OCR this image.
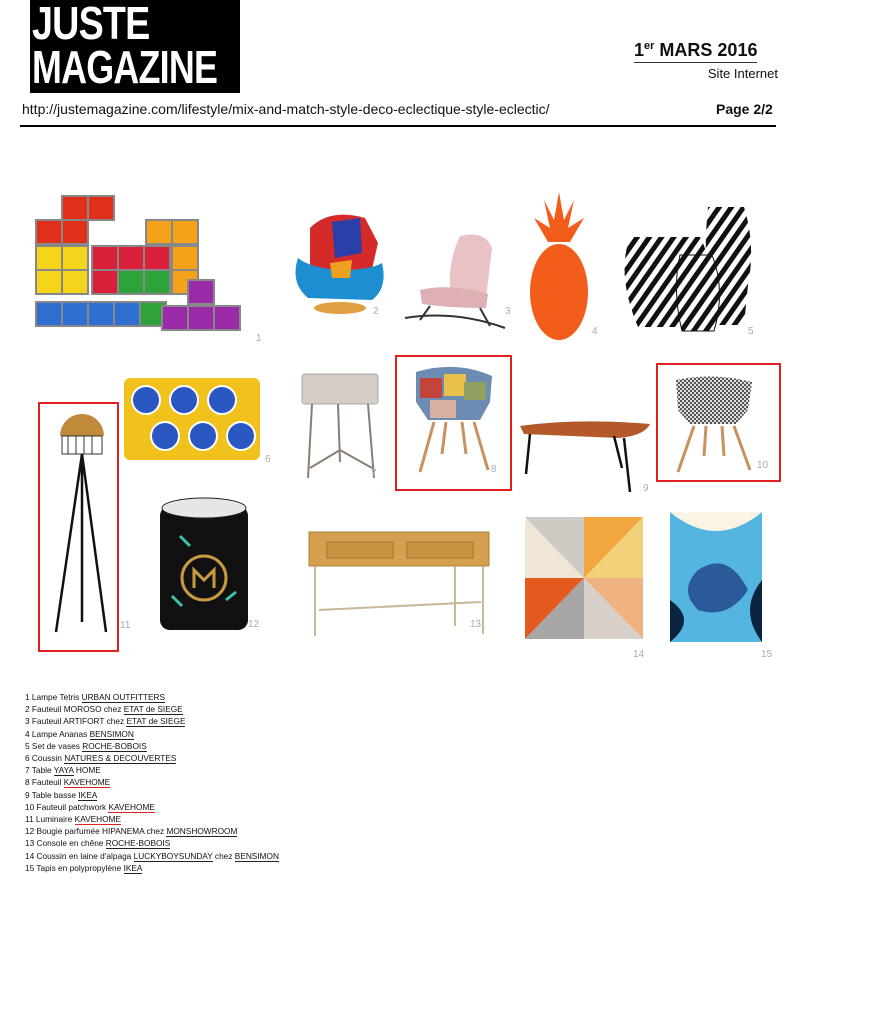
JUSTE
MAGAZINE	1er MARS 2016
Site Internet
http://justemagazine.com/lifestyle/mix-and-match-style-deco-eclectique-style-eclectic/	Page 2/2
1
2	3
4	5
6
7	8
9
10
11	12	13
14	15
1 Lampe Tetris URBAN OUTFITTERS
2 Fauteuil MOROSO chez ETAT de SIEGE
3 Fauteuil ARTIFORT chez ETAT de SIEGE
4 Lampe Ananas BENSIMON
5 Set de vases ROCHE-BOBOIS
6 Coussin NATURES & DECOUVERTES
7 Table YAYA HOME
8 Fauteuil KAVEHOME
9 Table basse IKEA
10 Fauteuil patchwork KAVEHOME
11 Luminaire KAVEHOME
12 Bougie parfumée HIPANEMA chez MONSHOWROOM
13 Console en chêne ROCHE-BOBOIS
14 Coussin en laine d'alpaga LUCKYBOYSUNDAY chez BENSIMON
15 Tapis en polypropylène IKEA
